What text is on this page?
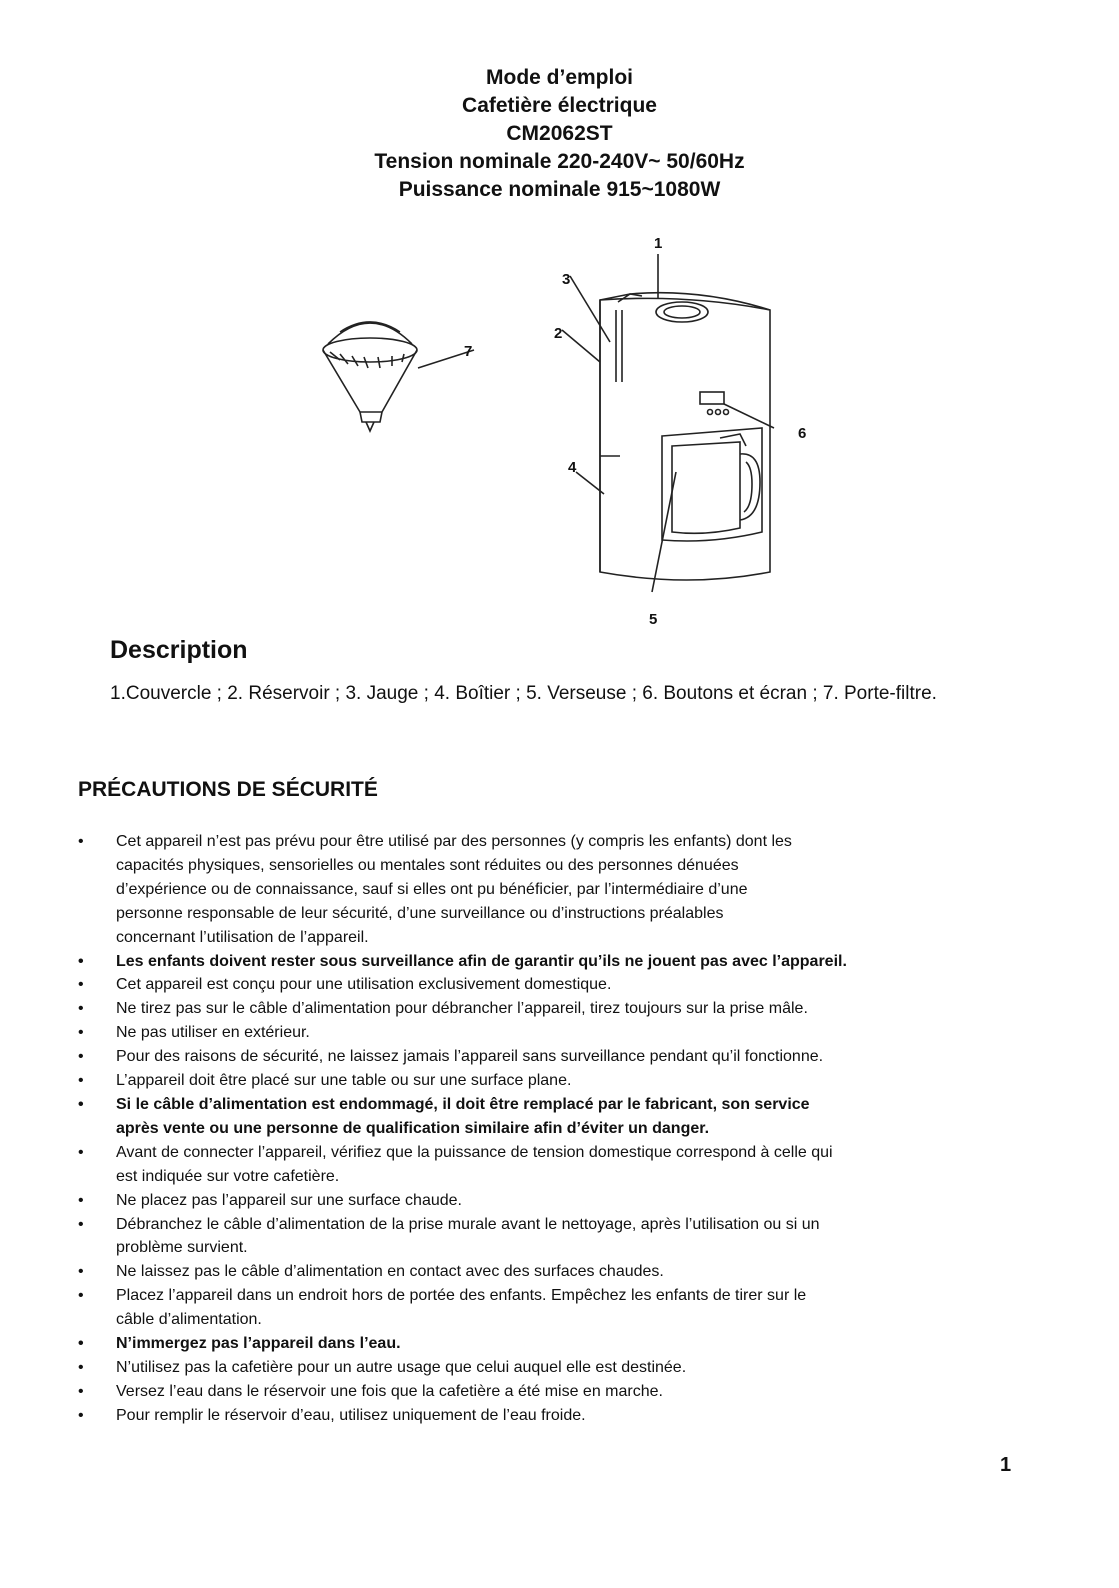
Mode d’emploi
Cafetière électrique
CM2062ST
Tension nominale 220-240V~ 50/60Hz
Puissance nominale 915~1080W
1
2
3
4
5
6
7
Description
1.Couvercle ; 2. Réservoir ; 3. Jauge ; 4. Boîtier ; 5. Verseuse ; 6. Boutons et écran ; 7. Porte-filtre.
PRÉCAUTIONS DE SÉCURITÉ
• Cet appareil n’est pas prévu pour être utilisé par des personnes (y compris les enfants) dont les
capacités physiques, sensorielles ou mentales sont réduites ou des personnes dénuées
d’expérience ou de connaissance, sauf si elles ont pu bénéficier, par l’intermédiaire d’une
personne responsable de leur sécurité, d’une surveillance ou d’instructions préalables
concernant l’utilisation de l’appareil.
• Les enfants doivent rester sous surveillance afin de garantir qu’ils ne jouent pas avec l’appareil.
• Cet appareil est conçu pour une utilisation exclusivement domestique.
• Ne tirez pas sur le câble d’alimentation pour débrancher l’appareil, tirez toujours sur la prise mâle.
• Ne pas utiliser en extérieur.
• Pour des raisons de sécurité, ne laissez jamais l’appareil sans surveillance pendant qu’il fonctionne.
• L’appareil doit être placé sur une table ou sur une surface plane.
• Si le câble d’alimentation est endommagé, il doit être remplacé par le fabricant, son service
après vente ou une personne de qualification similaire afin d’éviter un danger.
• Avant de connecter l’appareil, vérifiez que la puissance de tension domestique correspond à celle qui
est indiquée sur votre cafetière.
• Ne placez pas l’appareil sur une surface chaude.
• Débranchez le câble d’alimentation de la prise murale avant le nettoyage, après l’utilisation ou si un
problème survient.
• Ne laissez pas le câble d’alimentation en contact avec des surfaces chaudes.
• Placez l’appareil dans un endroit hors de portée des enfants. Empêchez les enfants de tirer sur le
câble d’alimentation.
• N’immergez pas l’appareil dans l’eau.
• N’utilisez pas la cafetière pour un autre usage que celui auquel elle est destinée.
• Versez l’eau dans le réservoir une fois que la cafetière a été mise en marche.
• Pour remplir le réservoir d’eau, utilisez uniquement de l’eau froide.
1
